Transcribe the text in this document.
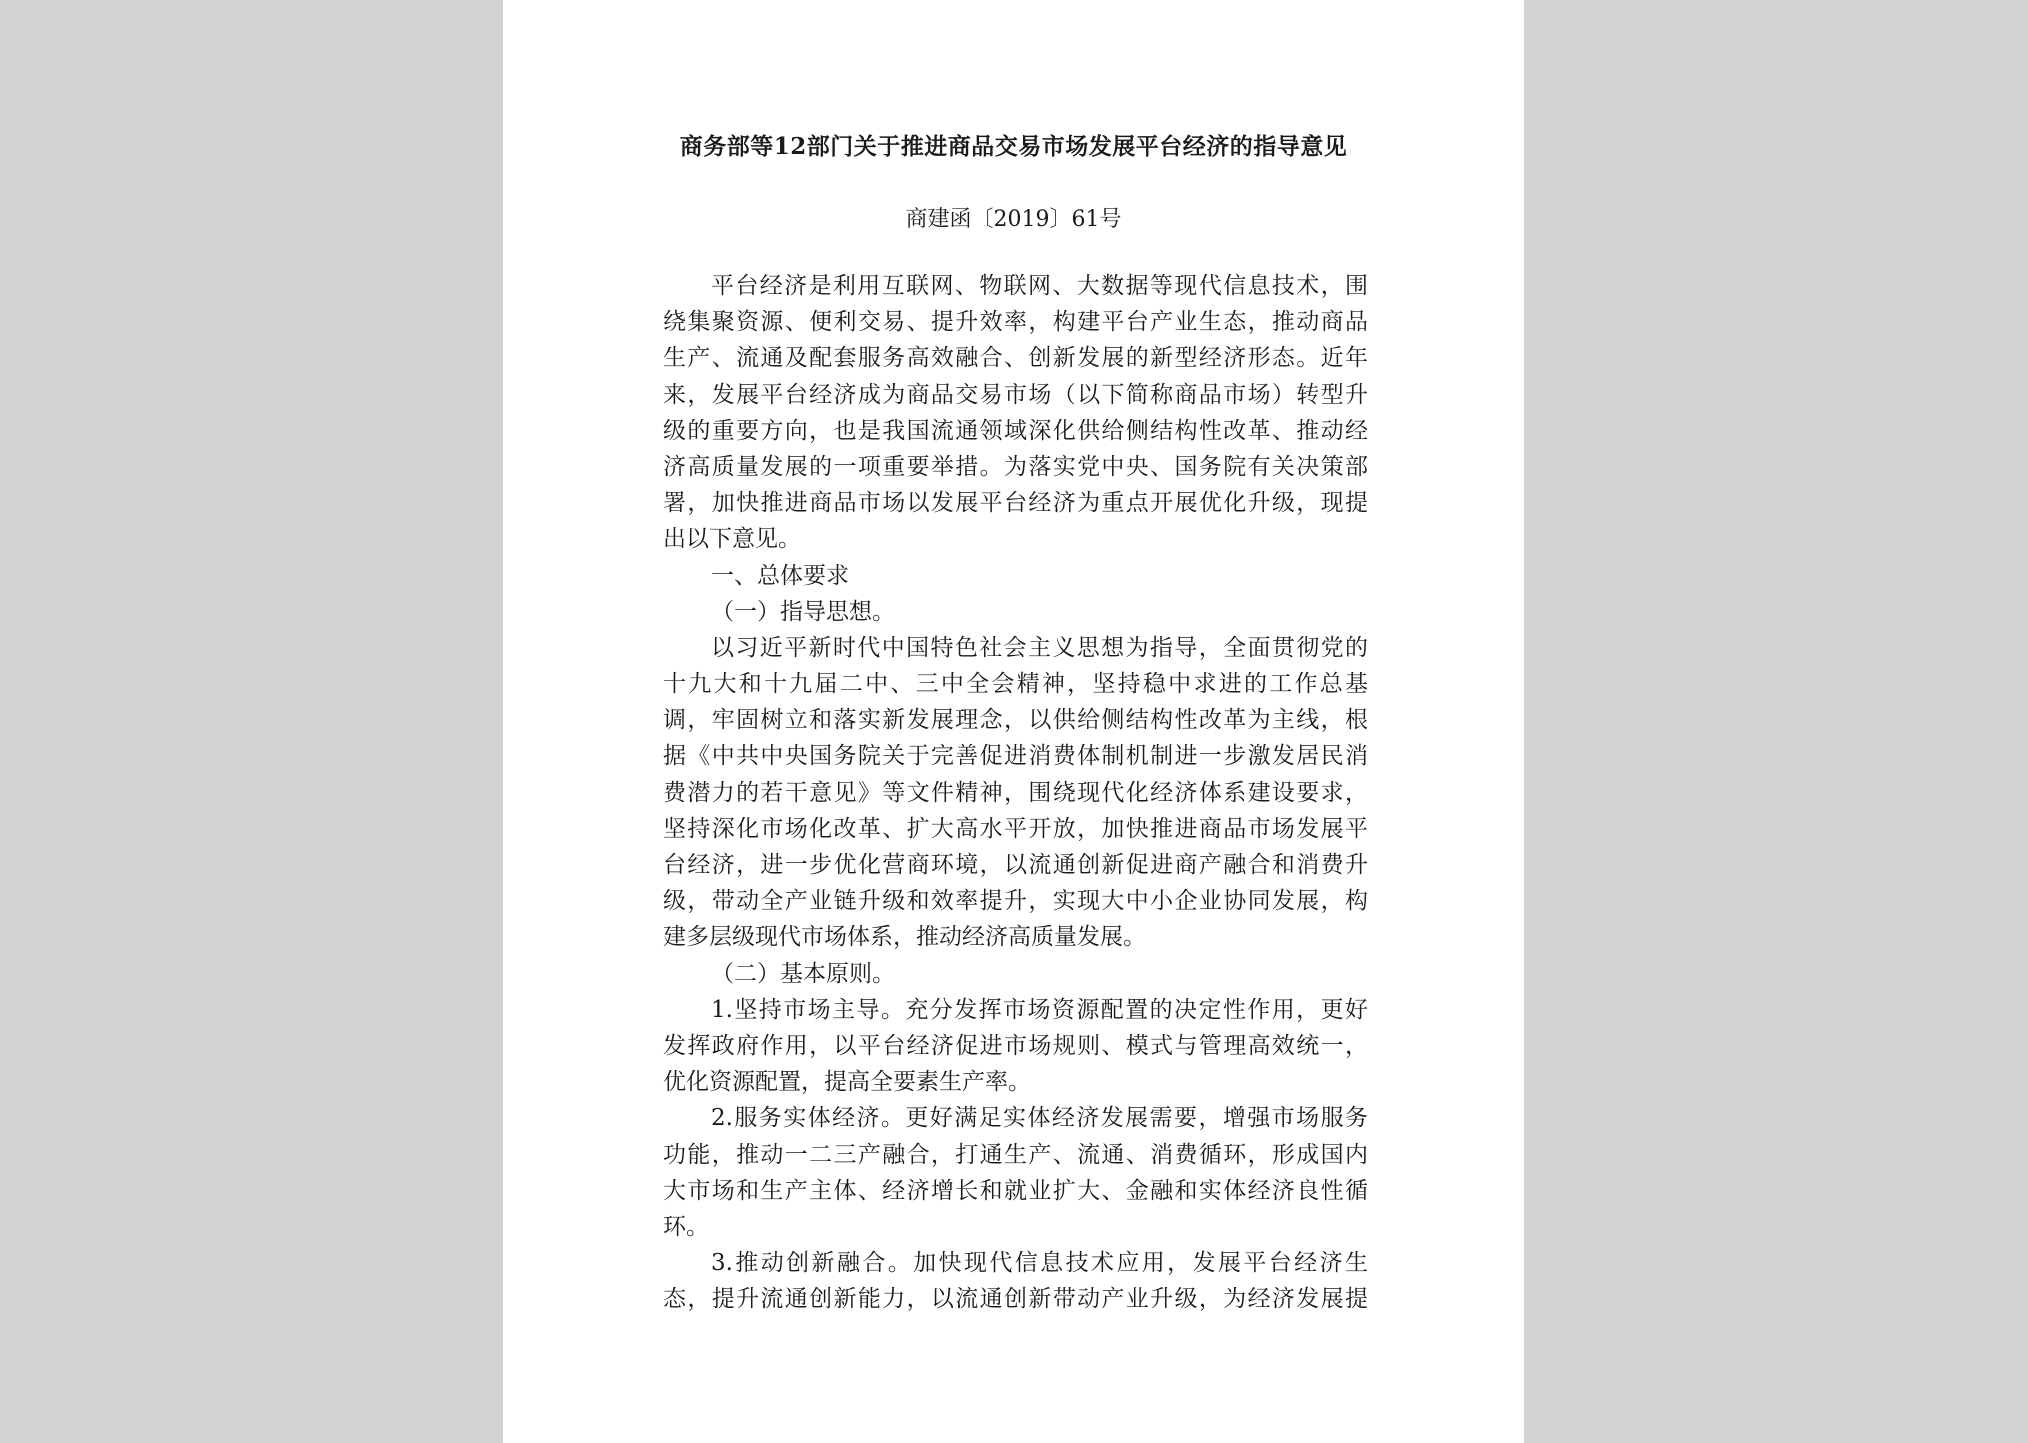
商务部等12部门关于推进商品交易市场发展平台经济的指导意见

商建函〔2019〕61号

平台经济是利用互联网、物联网、大数据等现代信息技术，围

绕集聚资源、便利交易、提升效率，构建平台产业生态，推动商品

生产、流通及配套服务高效融合、创新发展的新型经济形态。近年

来，发展平台经济成为商品交易市场（以下简称商品市场）转型升

级的重要方向，也是我国流通领域深化供给侧结构性改革、推动经

济高质量发展的一项重要举措。为落实党中央、国务院有关决策部

署，加快推进商品市场以发展平台经济为重点开展优化升级，现提

出以下意见。

一、总体要求

（一）指导思想。

以习近平新时代中国特色社会主义思想为指导，全面贯彻党的

十九大和十九届二中、三中全会精神，坚持稳中求进的工作总基

调，牢固树立和落实新发展理念，以供给侧结构性改革为主线，根

据《中共中央国务院关于完善促进消费体制机制进一步激发居民消

费潜力的若干意见》等文件精神，围绕现代化经济体系建设要求，

坚持深化市场化改革、扩大高水平开放，加快推进商品市场发展平

台经济，进一步优化营商环境，以流通创新促进商产融合和消费升

级，带动全产业链升级和效率提升，实现大中小企业协同发展，构

建多层级现代市场体系，推动经济高质量发展。

（二）基本原则。

1.坚持市场主导。充分发挥市场资源配置的决定性作用，更好

发挥政府作用，以平台经济促进市场规则、模式与管理高效统一，

优化资源配置，提高全要素生产率。

2.服务实体经济。更好满足实体经济发展需要，增强市场服务

功能，推动一二三产融合，打通生产、流通、消费循环，形成国内

大市场和生产主体、经济增长和就业扩大、金融和实体经济良性循

环。

3.推动创新融合。加快现代信息技术应用，发展平台经济生

态，提升流通创新能力，以流通创新带动产业升级，为经济发展提
